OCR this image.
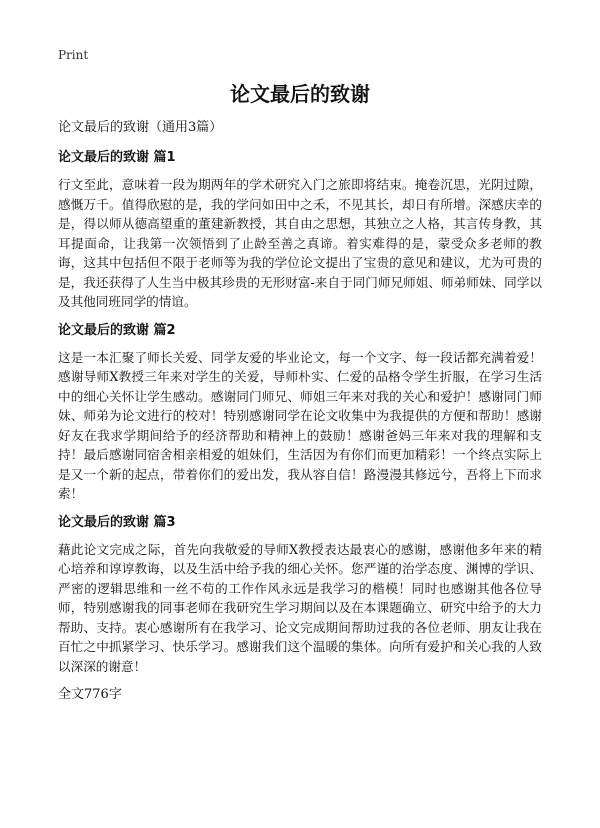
Print
论文最后的致谢
论文最后的致谢（通用3篇）
论文最后的致谢 篇1

行文至此，意味着一段为期两年的学术研究入门之旅即将结束。掩卷沉思，光阴过隙，感慨万千。值得欣慰的是，我的学问如田中之禾，不见其长，却日有所增。深感庆幸的是，得以师从德高望重的董建新教授，其自由之思想，其独立之人格，其言传身教，其耳提面命，让我第一次领悟到了止龄至善之真谛。着实难得的是，蒙受众多老师的教诲，这其中包括但不限于老师等为我的学位论文提出了宝贵的意见和建议，尤为可贵的是，我还获得了人生当中极其珍贵的无形财富-来自于同门师兄师姐、师弟师妹、同学以及其他同班同学的情谊。

论文最后的致谢 篇2

这是一本汇聚了师长关爱、同学友爱的毕业论文，每一个文字、每一段话都充满着爱！感谢导师X教授三年来对学生的关爱，导师朴实、仁爱的品格令学生折服，在学习生活中的细心关怀让学生感动。感谢同门师兄、师姐三年来对我的关心和爱护！感谢同门师妹、师弟为论文进行的校对！特别感谢同学在论文收集中为我提供的方便和帮助！感谢好友在我求学期间给予的经济帮助和精神上的鼓励！感谢爸妈三年来对我的理解和支持！最后感谢同宿舍相亲相爱的姐妹们，生活因为有你们而更加精彩！一个终点实际上是又一个新的起点，带着你们的爱出发，我从容自信！路漫漫其修远兮，吾将上下而求索！

论文最后的致谢 篇3

藉此论文完成之际，首先向我敬爱的导师X教授表达最衷心的感谢，感谢他多年来的精心培养和谆谆教诲，以及生活中给予我的细心关怀。您严谨的治学态度、渊博的学识、严密的逻辑思维和一丝不苟的工作作风永远是我学习的楷模！同时也感谢其他各位导师，特别感谢我的同事老师在我研究生学习期间以及在本课题确立、研究中给予的大力帮助、支持。衷心感谢所有在我学习、论文完成期间帮助过我的各位老师、朋友让我在百忙之中抓紧学习、快乐学习。感谢我们这个温暖的集体。向所有爱护和关心我的人致以深深的谢意！

全文776字
